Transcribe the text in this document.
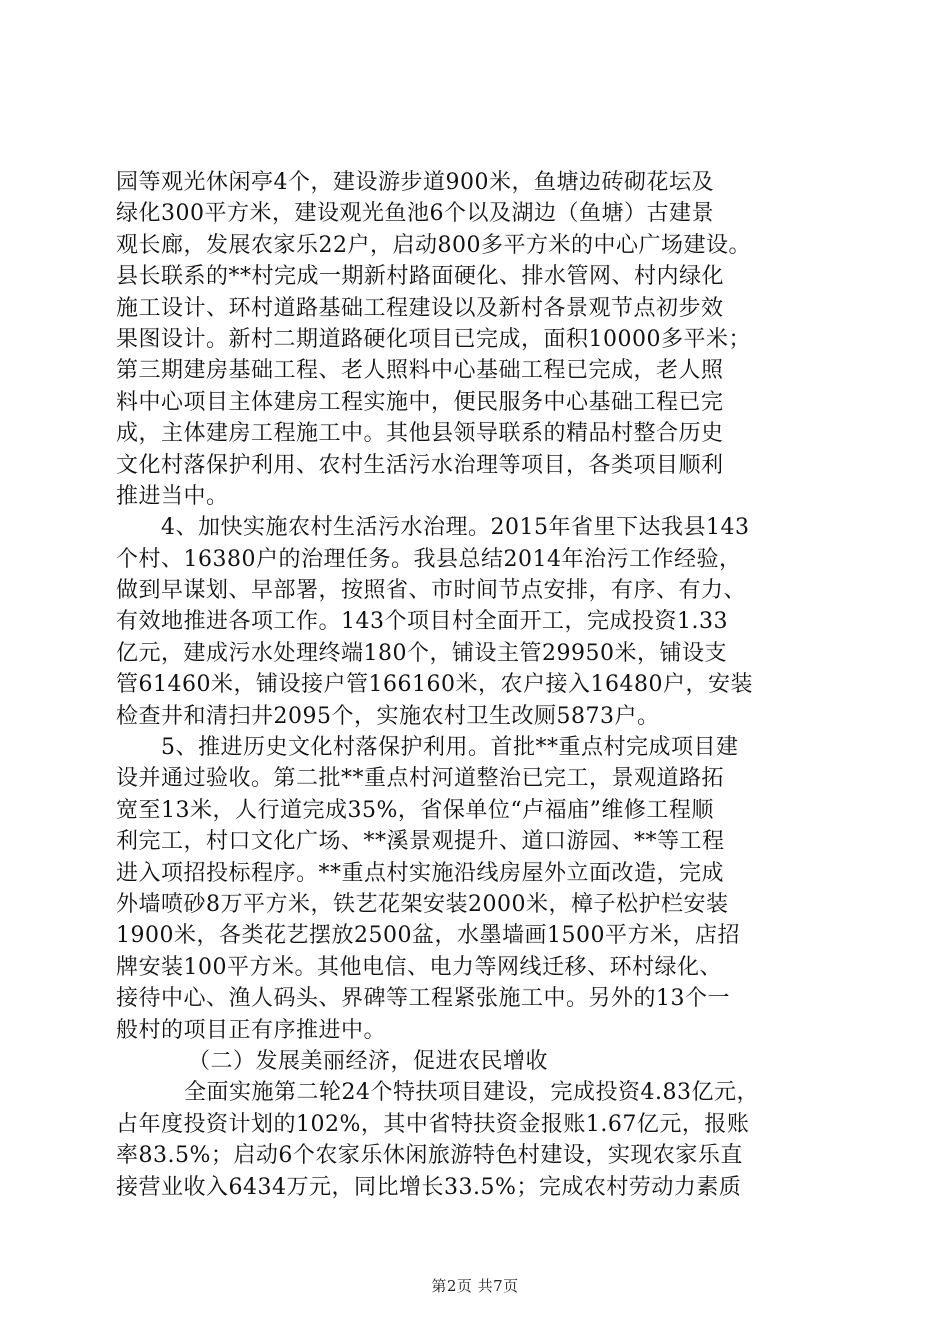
园等观光休闲亭4个，建设游步道900米，鱼塘边砖砌花坛及
绿化300平方米，建设观光鱼池6个以及湖边（鱼塘）古建景
观长廊，发展农家乐22户，启动800多平方米的中心广场建设。
县长联系的**村完成一期新村路面硬化、排水管网、村内绿化
施工设计、环村道路基础工程建设以及新村各景观节点初步效
果图设计。新村二期道路硬化项目已完成，面积10000多平米；
第三期建房基础工程、老人照料中心基础工程已完成，老人照
料中心项目主体建房工程实施中，便民服务中心基础工程已完
成，主体建房工程施工中。其他县领导联系的精品村整合历史
文化村落保护利用、农村生活污水治理等项目，各类项目顺利
推进当中。
4、加快实施农村生活污水治理。2015年省里下达我县143
个村、16380户的治理任务。我县总结2014年治污工作经验，
做到早谋划、早部署，按照省、市时间节点安排，有序、有力、
有效地推进各项工作。143个项目村全面开工，完成投资1.33
亿元，建成污水处理终端180个，铺设主管29950米，铺设支
管61460米，铺设接户管166160米，农户接入16480户，安装
检查井和清扫井2095个，实施农村卫生改厕5873户。
5、推进历史文化村落保护利用。首批**重点村完成项目建
设并通过验收。第二批**重点村河道整治已完工，景观道路拓
宽至13米，人行道完成35%，省保单位“卢福庙”维修工程顺
利完工，村口文化广场、**溪景观提升、道口游园、**等工程
进入项招投标程序。**重点村实施沿线房屋外立面改造，完成
外墙喷砂8万平方米，铁艺花架安装2000米，樟子松护栏安装
1900米，各类花艺摆放2500盆，水墨墙画1500平方米，店招
牌安装100平方米。其他电信、电力等网线迁移、环村绿化、
接待中心、渔人码头、界碑等工程紧张施工中。另外的13个一
般村的项目正有序推进中。
（二）发展美丽经济，促进农民增收
全面实施第二轮24个特扶项目建设，完成投资4.83亿元，
占年度投资计划的102%，其中省特扶资金报账1.67亿元，报账
率83.5%；启动6个农家乐休闲旅游特色村建设，实现农家乐直
接营业收入6434万元，同比增长33.5%；完成农村劳动力素质
第2页 共7页
